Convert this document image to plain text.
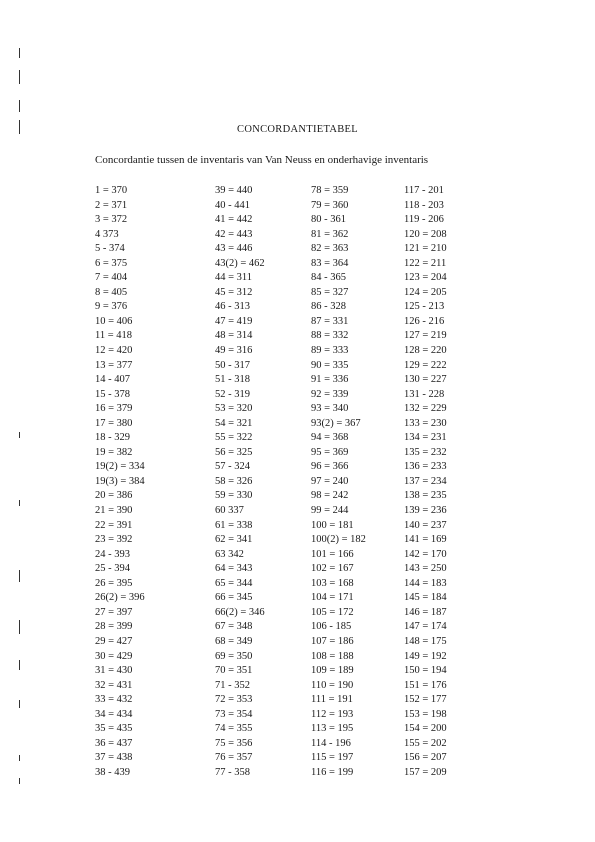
CONCORDANTIETABEL
Concordantie tussen de inventaris van Van Neuss en onderhavige inventaris
1 = 370
2 = 371
3 = 372
4 373
5 - 374
6 = 375
7 = 404
8 = 405
9 = 376
10 = 406
11 = 418
12 = 420
13 = 377
14 - 407
15 - 378
16 = 379
17 = 380
18 - 329
19 = 382
19(2) = 334
19(3) = 384
20 = 386
21 = 390
22 = 391
23 = 392
24 - 393
25 - 394
26 = 395
26(2) = 396
27 = 397
28 = 399
29 = 427
30 = 429
31 = 430
32 = 431
33 = 432
34 = 434
35 = 435
36 = 437
37 = 438
38 - 439
39 = 440
40 - 441
41 = 442
42 = 443
43 = 446
43(2) = 462
44 = 311
45 = 312
46 - 313
47 = 419
48 = 314
49 = 316
50 - 317
51 - 318
52 - 319
53 = 320
54 = 321
55 = 322
56 = 325
57 - 324
58 = 326
59 = 330
60 337
61 = 338
62 = 341
63 342
64 = 343
65 = 344
66 = 345
66(2) = 346
67 = 348
68 = 349
69 = 350
70 = 351
71 - 352
72 = 353
73 = 354
74 = 355
75 = 356
76 = 357
77 - 358
78 = 359
79 = 360
80 - 361
81 = 362
82 = 363
83 = 364
84 - 365
85 = 327
86 - 328
87 = 331
88 = 332
89 = 333
90 = 335
91 = 336
92 = 339
93 = 340
93(2) = 367
94 = 368
95 = 369
96 = 366
97 = 240
98 = 242
99 = 244
100 = 181
100(2) = 182
101 = 166
102 = 167
103 = 168
104 = 171
105 = 172
106 - 185
107 = 186
108 = 188
109 = 189
110 = 190
111 = 191
112 = 193
113 = 195
114 - 196
115 = 197
116 = 199
117 - 201
118 - 203
119 - 206
120 = 208
121 = 210
122 = 211
123 = 204
124 = 205
125 - 213
126 - 216
127 = 219
128 = 220
129 = 222
130 = 227
131 - 228
132 = 229
133 = 230
134 = 231
135 = 232
136 = 233
137 = 234
138 = 235
139 = 236
140 = 237
141 = 169
142 = 170
143 = 250
144 = 183
145 = 184
146 = 187
147 = 174
148 = 175
149 = 192
150 = 194
151 = 176
152 = 177
153 = 198
154 = 200
155 = 202
156 = 207
157 = 209
